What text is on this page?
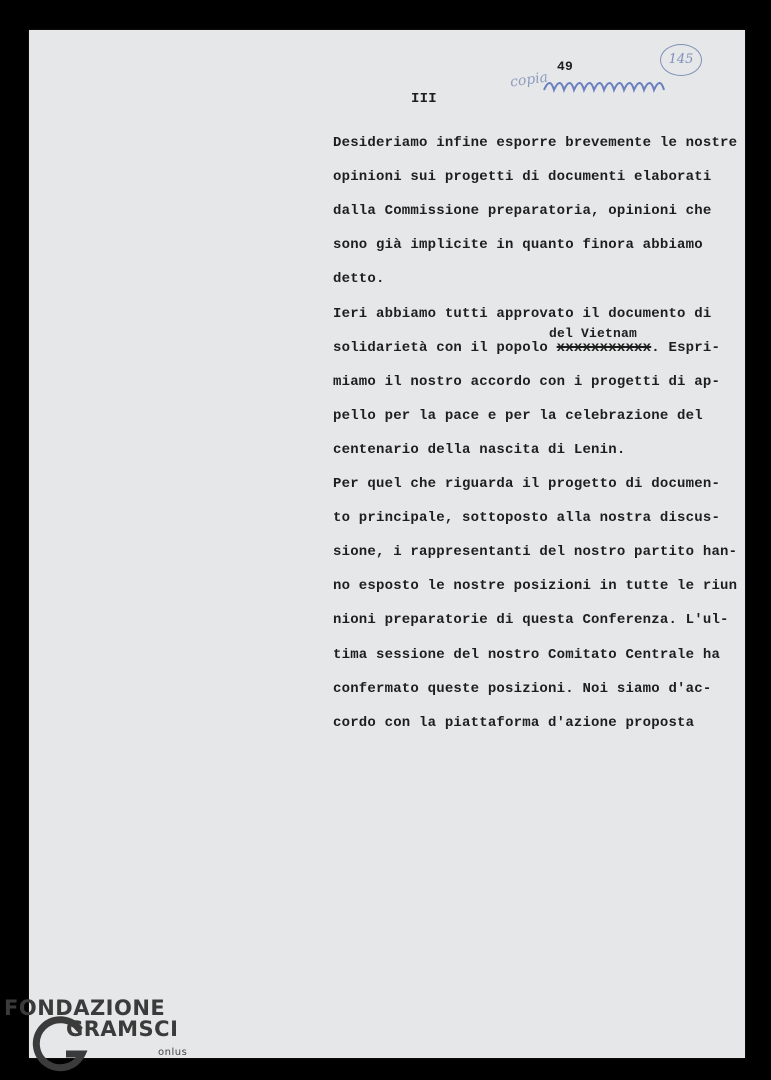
49
III
copia
145
Desideriamo infine esporre brevemente le nostre
opinioni sui progetti di documenti elaborati
dalla Commissione preparatoria, opinioni che
sono già implicite in quanto finora abbiamo
detto.
Ieri abbiamo tutti approvato il documento di
solidarietà con il popolo xxxxxxxxxxx. Espri-
del Vietnam
miamo il nostro accordo con i progetti di ap-
pello per la pace e per la celebrazione del
centenario della nascita di Lenin.
Per quel che riguarda il progetto di documen-
to principale, sottoposto alla nostra discus-
sione, i rappresentanti del nostro partito han-
no esposto le nostre posizioni in tutte le riun
nioni preparatorie di questa Conferenza. L'ul-
tima sessione del nostro Comitato Centrale ha
confermato queste posizioni. Noi siamo d'ac-
cordo con la piattaforma d'azione proposta
FONDAZIONE
GRAMSCI
onlus
